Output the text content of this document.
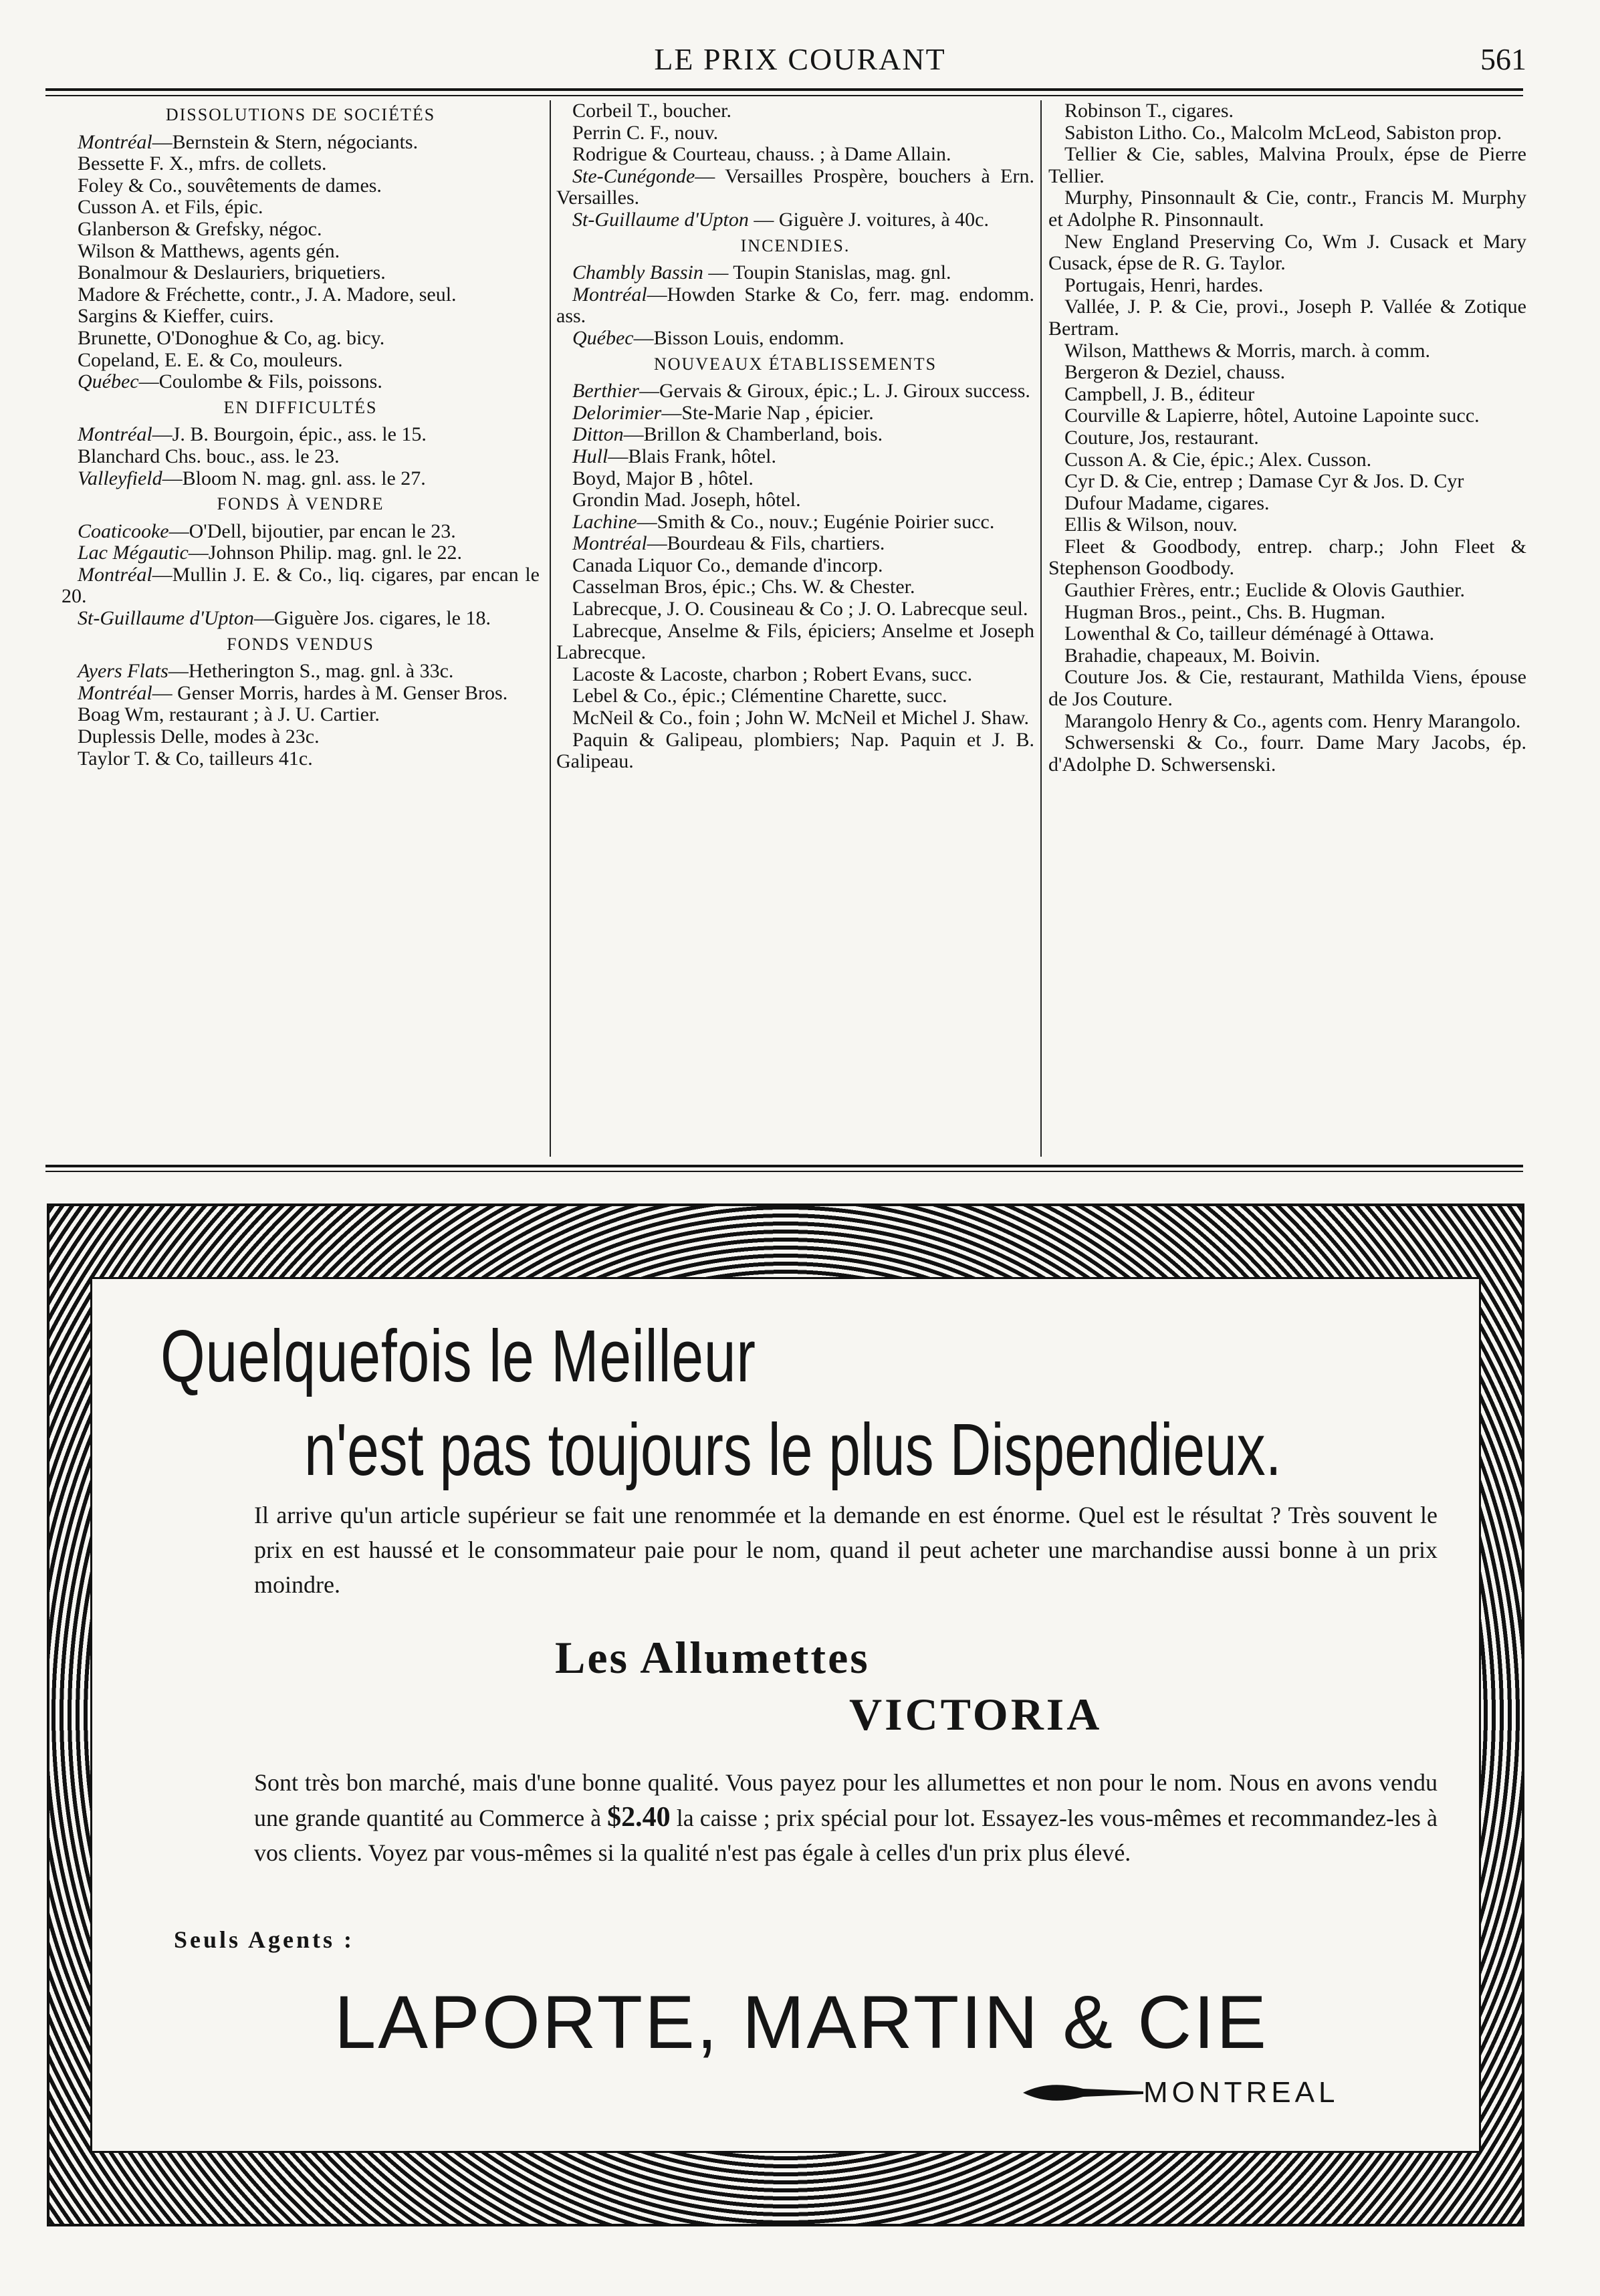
LE PRIX COURANT	561
DISSOLUTIONS DE SOCIÉTÉS

Montréal—Bernstein & Stern, négociants.

Bessette F. X., mfrs. de collets.

Foley & Co., souvêtements de dames.

Cusson A. et Fils, épic.

Glanberson & Grefsky, négoc.

Wilson & Matthews, agents gén.

Bonalmour & Deslauriers, briquetiers.

Madore & Fréchette, contr., J. A. Madore, seul.

Sargins & Kieffer, cuirs.

Brunette, O'Donoghue & Co, ag. bicy.

Copeland, E. E. & Co, mouleurs.

Québec—Coulombe & Fils, poissons.

EN DIFFICULTÉS

Montréal—J. B. Bourgoin, épic., ass. le 15.

Blanchard Chs. bouc., ass. le 23.

Valleyfield—Bloom N. mag. gnl. ass. le 27.

FONDS À VENDRE

Coaticooke—O'Dell, bijoutier, par encan le 23.

Lac Mégautic—Johnson Philip. mag. gnl. le 22.

Montréal—Mullin J. E. & Co., liq. cigares, par encan le 20.

St-Guillaume d'Upton—Giguère Jos. cigares, le 18.

FONDS VENDUS

Ayers Flats—Hetherington S., mag. gnl. à 33c.

Montréal— Genser Morris, hardes à M. Genser Bros.

Boag Wm, restaurant ; à J. U. Cartier.

Duplessis Delle, modes à 23c.

Taylor T. & Co, tailleurs 41c.

Corbeil T., boucher.

Perrin C. F., nouv.

Rodrigue & Courteau, chauss. ; à Dame Allain.

Ste-Cunégonde— Versailles Prospère, bouchers à Ern. Versailles.

St-Guillaume d'Upton — Giguère J. voitures, à 40c.

INCENDIES.

Chambly Bassin — Toupin Stanislas, mag. gnl.

Montréal—Howden Starke & Co, ferr. mag. endomm. ass.

Québec—Bisson Louis, endomm.

NOUVEAUX ÉTABLISSEMENTS

Berthier—Gervais & Giroux, épic.; L. J. Giroux success.

Delorimier—Ste-Marie Nap , épicier.

Ditton—Brillon & Chamberland, bois.

Hull—Blais Frank, hôtel.

Boyd, Major B , hôtel.

Grondin Mad. Joseph, hôtel.

Lachine—Smith & Co., nouv.; Eugénie Poirier succ.

Montréal—Bourdeau & Fils, chartiers.

Canada Liquor Co., demande d'incorp.

Casselman Bros, épic.; Chs. W. & Chester.

Labrecque, J. O. Cousineau & Co ; J. O. Labrecque seul.

Labrecque, Anselme & Fils, épiciers; Anselme et Joseph Labrecque.

Lacoste & Lacoste, charbon ; Robert Evans, succ.

Lebel & Co., épic.; Clémentine Charette, succ.

McNeil & Co., foin ; John W. McNeil et Michel J. Shaw.

Paquin & Galipeau, plombiers; Nap. Paquin et J. B. Galipeau.

Robinson T., cigares.

Sabiston Litho. Co., Malcolm McLeod, Sabiston prop.

Tellier & Cie, sables, Malvina Proulx, épse de Pierre Tellier.

Murphy, Pinsonnault & Cie, contr., Francis M. Murphy et Adolphe R. Pinsonnault.

New England Preserving Co, Wm J. Cusack et Mary Cusack, épse de R. G. Taylor.

Portugais, Henri, hardes.

Vallée, J. P. & Cie, provi., Joseph P. Vallée & Zotique Bertram.

Wilson, Matthews & Morris, march. à comm.

Bergeron & Deziel, chauss.

Campbell, J. B., éditeur

Courville & Lapierre, hôtel, Autoine Lapointe succ.

Couture, Jos, restaurant.

Cusson A. & Cie, épic.; Alex. Cusson.

Cyr D. & Cie, entrep ; Damase Cyr & Jos. D. Cyr

Dufour Madame, cigares.

Ellis & Wilson, nouv.

Fleet & Goodbody, entrep. charp.; John Fleet & Stephenson Goodbody.

Gauthier Frères, entr.; Euclide & Olovis Gauthier.

Hugman Bros., peint., Chs. B. Hugman.

Lowenthal & Co, tailleur déménagé à Ottawa.

Brahadie, chapeaux, M. Boivin.

Couture Jos. & Cie, restaurant, Mathilda Viens, épouse de Jos Couture.

Marangolo Henry & Co., agents com. Henry Marangolo.

Schwersenski & Co., fourr. Dame Mary Jacobs, ép. d'Adolphe D. Schwersenski.

Quelquefois le Meilleur
n'est pas toujours le plus Dispendieux.
Il arrive qu'un article supérieur se fait une renommée et la demande en est énorme. Quel est le résultat ? Très souvent le prix en est haussé et le consommateur paie pour le nom, quand il peut acheter une marchandise aussi bonne à un prix moindre.
Les Allumettes
VICTORIA
Sont très bon marché, mais d'une bonne qualité. Vous payez pour les allumettes et non pour le nom. Nous en avons vendu une grande quantité au Commerce à $2.40 la caisse ; prix spécial pour lot. Essayez-les vous-mêmes et recommandez-les à vos clients. Voyez par vous-mêmes si la qualité n'est pas égale à celles d'un prix plus élevé.
Seuls Agents :
LAPORTE, MARTIN & CIE
MONTREAL
